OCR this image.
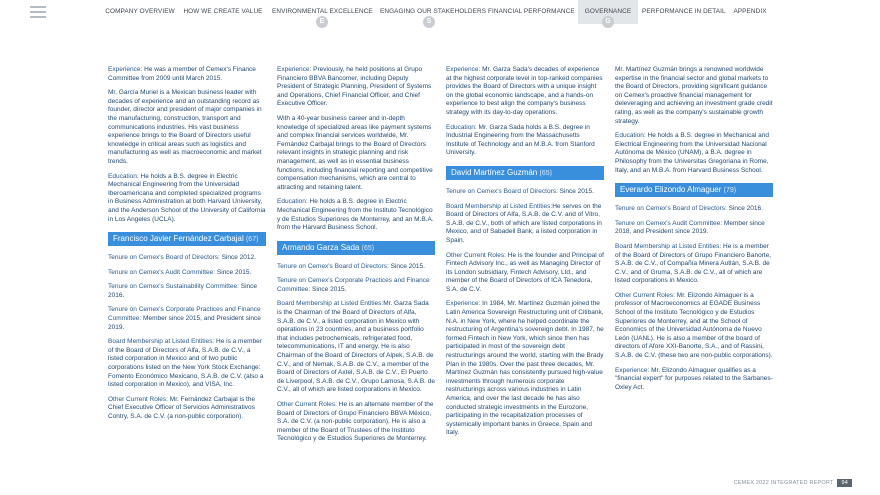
COMPANY OVERVIEW HOW WE CREATE VALUE ENVIRONMENTAL EXCELLENCE ENGAGING OUR STAKEHOLDERS FINANCIAL PERFORMANCE	GOVERNANCE	PERFORMANCE IN DETAIL	APPENDIX
E	S	G

Experience: He was a member of Cemex's Finance Committee from 2009 until March 2015.

Mr. García Muriel is a Mexican business leader with decades of experience and an outstanding record as founder, director and president of major companies in the manufacturing, construction, transport and communications industries. His vast business experience brings to the Board of Directors useful knowledge in critical areas such as logistics and manufacturing as well as macroeconomic and market trends.

Education: He holds a B.S. degree in Electric Mechanical Engineering from the Universidad Iberoamericana and completed specialized programs in Business Administration at both Harvard University, and the Anderson School of the University of California in Los Angeles (UCLA).

Francisco Javier Fernández Carbajal (67)

Tenure on Cemex's Board of Directors: Since 2012.

Tenure on Cemex's Audit Committee: Since 2015.

Tenure on Cemex's Sustainability Committee: Since 2016.

Tenure on Cemex's Corporate Practices and Finance Committee: Member since 2015, and President since 2019.

Board Membership at Listed Entities: He is a member of the Board of Directors of Alfa, S.A.B. de C.V., a listed corporation in Mexico and of two public corporations listed on the New York Stock Exchange: Fomento Económico Mexicano, S.A.B. de C.V. (also a listed corporation in Mexico), and VISA, Inc.

Other Current Roles: Mr. Fernández Carbajal is the Chief Executive Officer of Servicios Administrativos Contry, S.A. de C.V. (a non-public corporation).

Experience: Previously, he held positions at Grupo Financiero BBVA Bancomer, including Deputy President of Strategic Planning, President of Systems and Operations, Chief Financial Officer, and Chief Executive Officer.

With a 40-year business career and in-depth knowledge of specialized areas like payment systems and complex financial services worldwide, Mr. Fernández Carbajal brings to the Board of Directors relevant insights in strategic planning and risk management, as well as in essential business functions, including financial reporting and competitive compensation mechanisms, which are central to attracting and retaining talent.

Education: He holds a B.S. degree in Electric Mechanical Engineering from the Instituto Tecnológico y de Estudios Superiores de Monterrey, and an M.B.A. from the Harvard Business School.

Armando Garza Sada (65)

Tenure on Cemex's Board of Directors: Since 2015.

Tenure on Cemex's Corporate Practices and Finance Committee: Since 2015.

Board Membership at Listed Entities:Mr. Garza Sada is the Chairman of the Board of Directors of Alfa, S.A.B. de C.V., a listed corporation in Mexico with operations in 23 countries, and a business portfolio that includes petrochemicals, refrigerated food, telecommunications, IT and energy. He is also Chairman of the Board of Directors of Alpek, S.A.B. de C.V., and of Nemak, S.A.B. de C.V., a member of the Board of Directors of Axtel, S.A.B. de C.V., El Puerto de Liverpool, S.A.B. de C.V., Grupo Lamosa, S.A.B. de C.V., all of which are listed corporations in Mexico.

Other Current Roles: He is an alternate member of the Board of Directors of Grupo Financiero BBVA México, S.A. de C.V. (a non-public corporation). He is also a member of the Board of Trustees of the Instituto Tecnológico y de Estudios Superiores de Monterrey.

Experience: Mr. Garza Sada's decades of experience at the highest corporate level in top-ranked companies provides the Board of Directors with a unique insight on the global economic landscape, and a hands-on experience to best align the company's business strategy with its day-to-day operations.

Education: Mr. Garza Sada holds a B.S. degree in Industrial Engineering from the Massachusetts Institute of Technology and an M.B.A. from Stanford University.

David Martínez Guzmán (65)

Tenure on Cemex's Board of Directors: Since 2015.

Board Membership at Listed Entities:He serves on the Board of Directors of Alfa, S.A.B. de C.V. and of Vitro, S.A.B. de C.V., both of which are listed corporations in Mexico, and of Sabadell Bank, a listed corporation in Spain.

Other Current Roles: He is the founder and Principal of Fintech Advisory Inc., as well as Managing Director of its London subsidiary, Fintech Advisory, Ltd., and member of the Board of Directors of ICA Tenedora, S.A. de C.V.

Experience: In 1984, Mr. Martínez Guzmán joined the Latin America Sovereign Restructuring unit of Citibank, N.A. in New York, where he helped coordinate the restructuring of Argentina's sovereign debt. In 1987, he formed Fintech in New York, which since then has participated in most of the sovereign debt restructurings around the world, starting with the Brady Plan in the 1980s. Over the past three decades, Mr. Martínez Guzmán has consistently pursued high-value investments through numerous corporate restructurings across various industries in Latin America, and over the last decade he has also conducted strategic investments in the Eurozone, participating in the recapitalization processes of systemically important banks in Greece, Spain and Italy.

Mr. Martínez Guzmán brings a renowned worldwide expertise in the financial sector and global markets to the Board of Directors, providing significant guidance on Cemex's proactive financial management for deleveraging and achieving an investment grade credit rating, as well as the company's sustainable growth strategy.

Education: He holds a B.S. degree in Mechanical and Electrical Engineering from the Universidad Nacional Autónoma de México (UNAM), a B.A. degree in Philosophy from the Universitas Gregoriana in Rome, Italy, and an M.B.A. from Harvard Business School.

Everardo Elizondo Almaguer (79)

Tenure on Cemex's Board of Directors: Since 2016.

Tenure on Cemex's Audit Committee: Member since 2018, and President since 2019.

Board Membership at Listed Entities: He is a member of the Board of Directors of Grupo Financiero Banorte, S.A.B. de C.V., of Compañía Minera Autlán, S.A.B. de C.V., and of Gruma, S.A.B. de C.V., all of which are listed corporations in Mexico.

Other Current Roles: Mr. Elizondo Almaguer is a professor of Macroeconomics at EGADE Business School of the Instituto Tecnológico y de Estudios Superiores de Monterrey, and at the School of Economics of the Universidad Autónoma de Nuevo León (UANL). He is also a member of the board of directors of Afore XXI-Banorte, S.A., and of Rassini, S.A.B. de C.V. (these two are non-public corporations).

Experience: Mr. Elizondo Almaguer qualifies as a "financial expert" for purposes related to the Sarbanes-Oxley Act.

CEMEX 2022 INTEGRATED REPORT 94
